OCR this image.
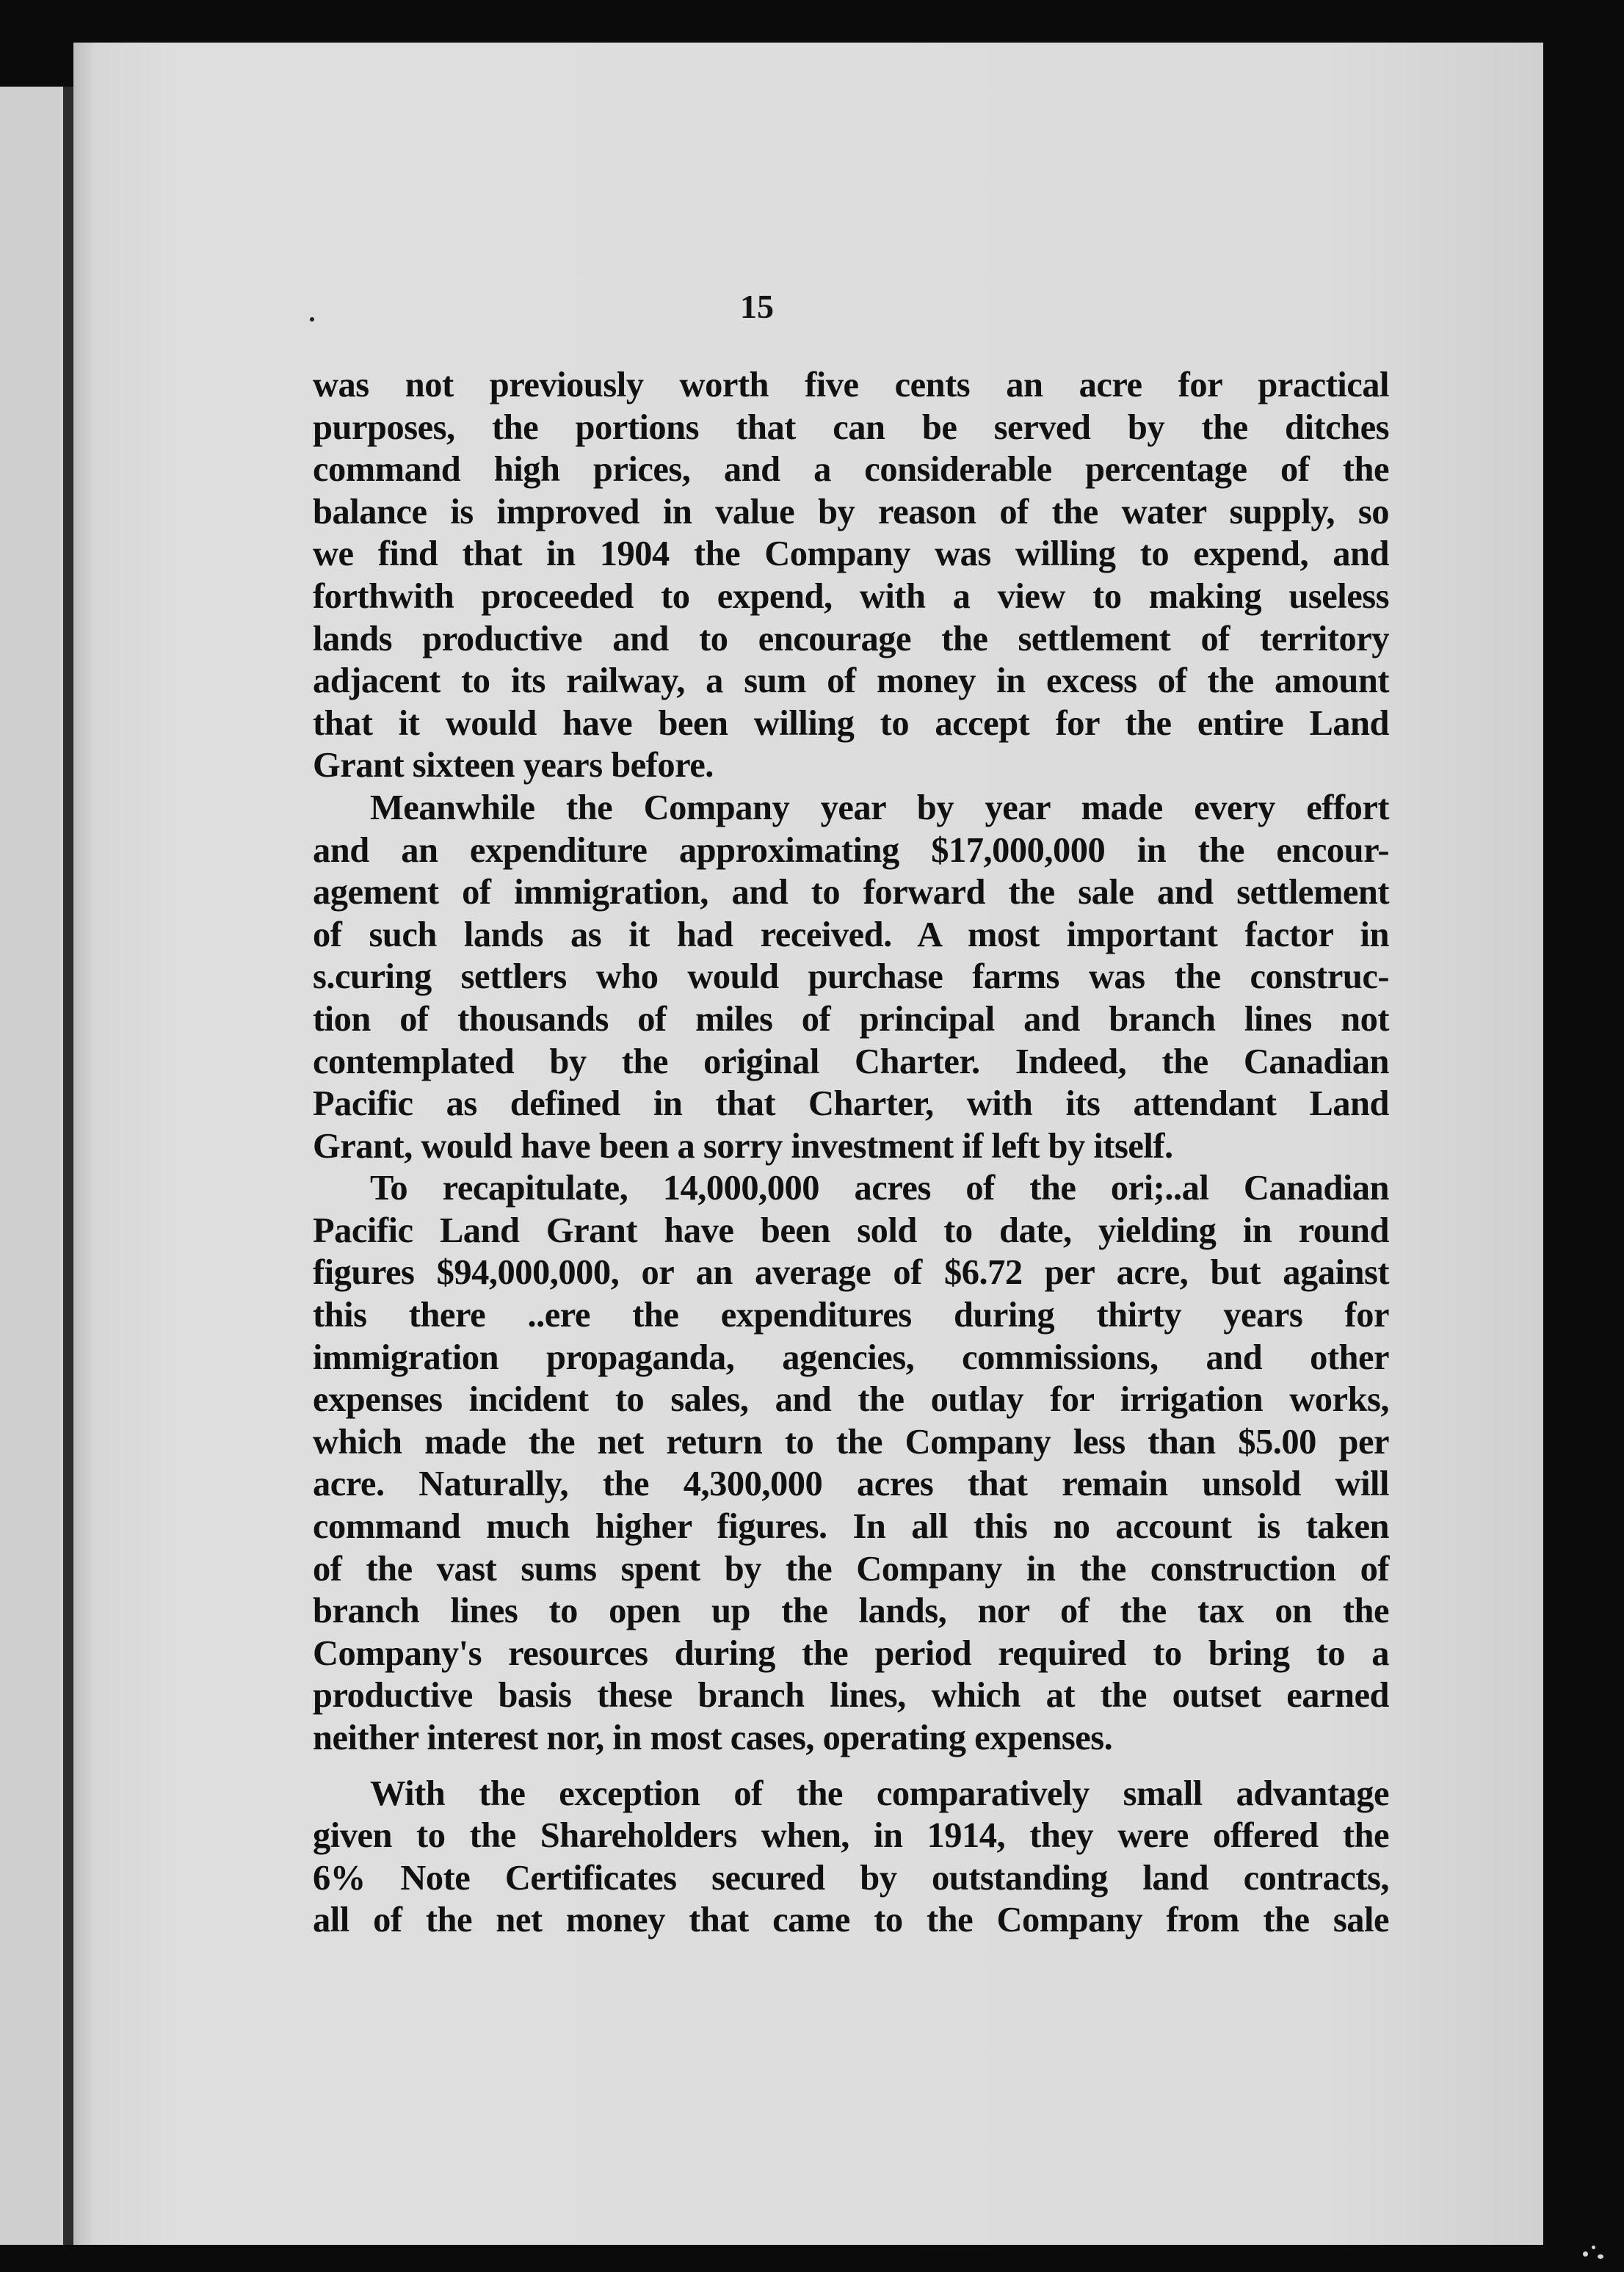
15

was not previously worth five cents an acre for practical

purposes, the portions that can be served by the ditches

command high prices, and a considerable percentage of the

balance is improved in value by reason of the water supply, so

we find that in 1904 the Company was willing to expend, and

forthwith proceeded to expend, with a view to making useless

lands productive and to encourage the settlement of territory

adjacent to its railway, a sum of money in excess of the amount

that it would have been willing to accept for the entire Land

Grant sixteen years before.

Meanwhile the Company year by year made every effort

and an expenditure approximating $17,000,000 in the encour-

agement of immigration, and to forward the sale and settlement

of such lands as it had received. A most important factor in

s.curing settlers who would purchase farms was the construc-

tion of thousands of miles of principal and branch lines not

contemplated by the original Charter. Indeed, the Canadian

Pacific as defined in that Charter, with its attendant Land

Grant, would have been a sorry investment if left by itself.

To recapitulate, 14,000,000 acres of the ori;..al Canadian

Pacific Land Grant have been sold to date, yielding in round

figures $94,000,000, or an average of $6.72 per acre, but against

this there ..ere the expenditures during thirty years for

immigration propaganda, agencies, commissions, and other

expenses incident to sales, and the outlay for irrigation works,

which made the net return to the Company less than $5.00 per

acre. Naturally, the 4,300,000 acres that remain unsold will

command much higher figures. In all this no account is taken

of the vast sums spent by the Company in the construction of

branch lines to open up the lands, nor of the tax on the

Company's resources during the period required to bring to a

productive basis these branch lines, which at the outset earned

neither interest nor, in most cases, operating expenses.

With the exception of the comparatively small advantage

given to the Shareholders when, in 1914, they were offered the

6% Note Certificates secured by outstanding land contracts,

all of the net money that came to the Company from the sale
